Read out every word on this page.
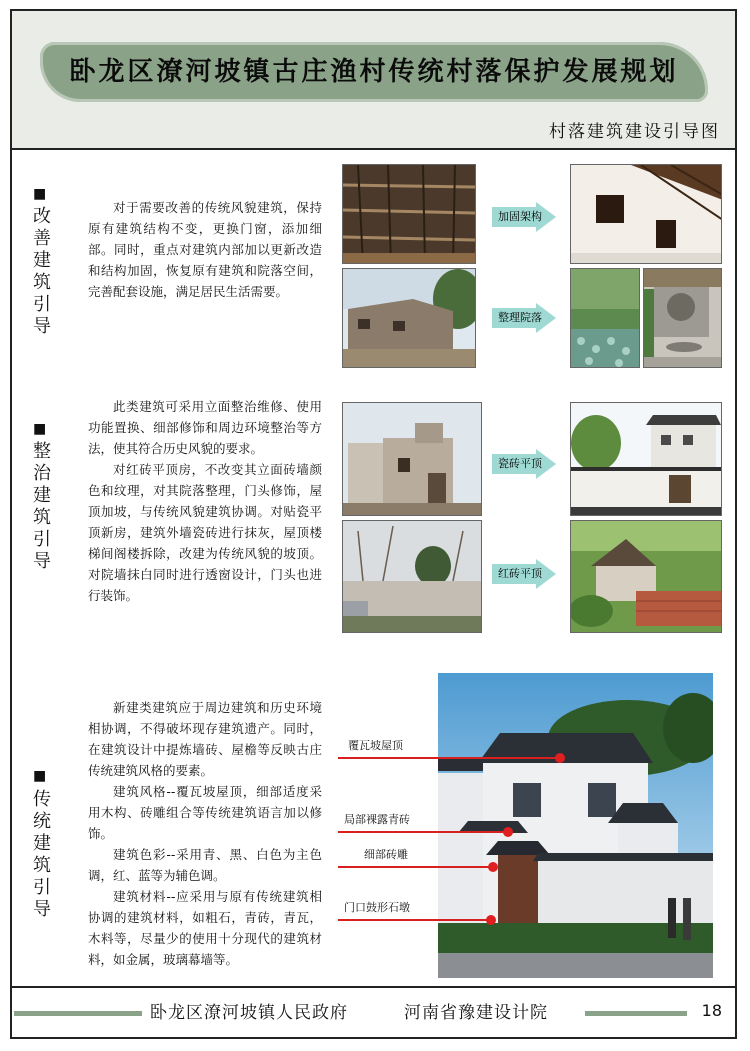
卧龙区潦河坡镇古庄渔村传统村落保护发展规划
村落建筑建设引导图
■
改
善
建
筑
引
导

对于需要改善的传统风貌建筑，保持原有建筑结构不变，更换门窗，添加细部。同时，重点对建筑内部加以更新改造和结构加固，恢复原有建筑和院落空间，完善配套设施，满足居民生活需要。

加固架构
整理院落
■
整
治
建
筑
引
导

此类建筑可采用立面整治维修、使用功能置换、细部修饰和周边环境整治等方法，使其符合历史风貌的要求。

对红砖平顶房，不改变其立面砖墙颜色和纹理，对其院落整理，门头修饰，屋顶加坡，与传统风貌建筑协调。对贴瓷平顶新房，建筑外墙瓷砖进行抹灰，屋顶楼梯间阁楼拆除，改建为传统风貌的坡顶。对院墙抹白同时进行透窗设计，门头也进行装饰。

瓷砖平顶
红砖平顶
■
传
统
建
筑
引
导

新建类建筑应于周边建筑和历史环境相协调，不得破坏现存建筑遗产。同时，在建筑设计中提炼墙砖、屋檐等反映古庄传统建筑风格的要素。

建筑风格--覆瓦坡屋顶，细部适度采用木构、砖雕组合等传统建筑语言加以修饰。

建筑色彩--采用青、黑、白色为主色调，红、蓝等为辅色调。

建筑材料--应采用与原有传统建筑相协调的建筑材料，如粗石，青砖，青瓦，木料等，尽量少的使用十分现代的建筑材料，如金属，玻璃幕墙等。

覆瓦坡屋顶
局部裸露青砖
细部砖雕
门口鼓形石墩
卧龙区潦河坡镇人民政府	河南省豫建设计院	18
